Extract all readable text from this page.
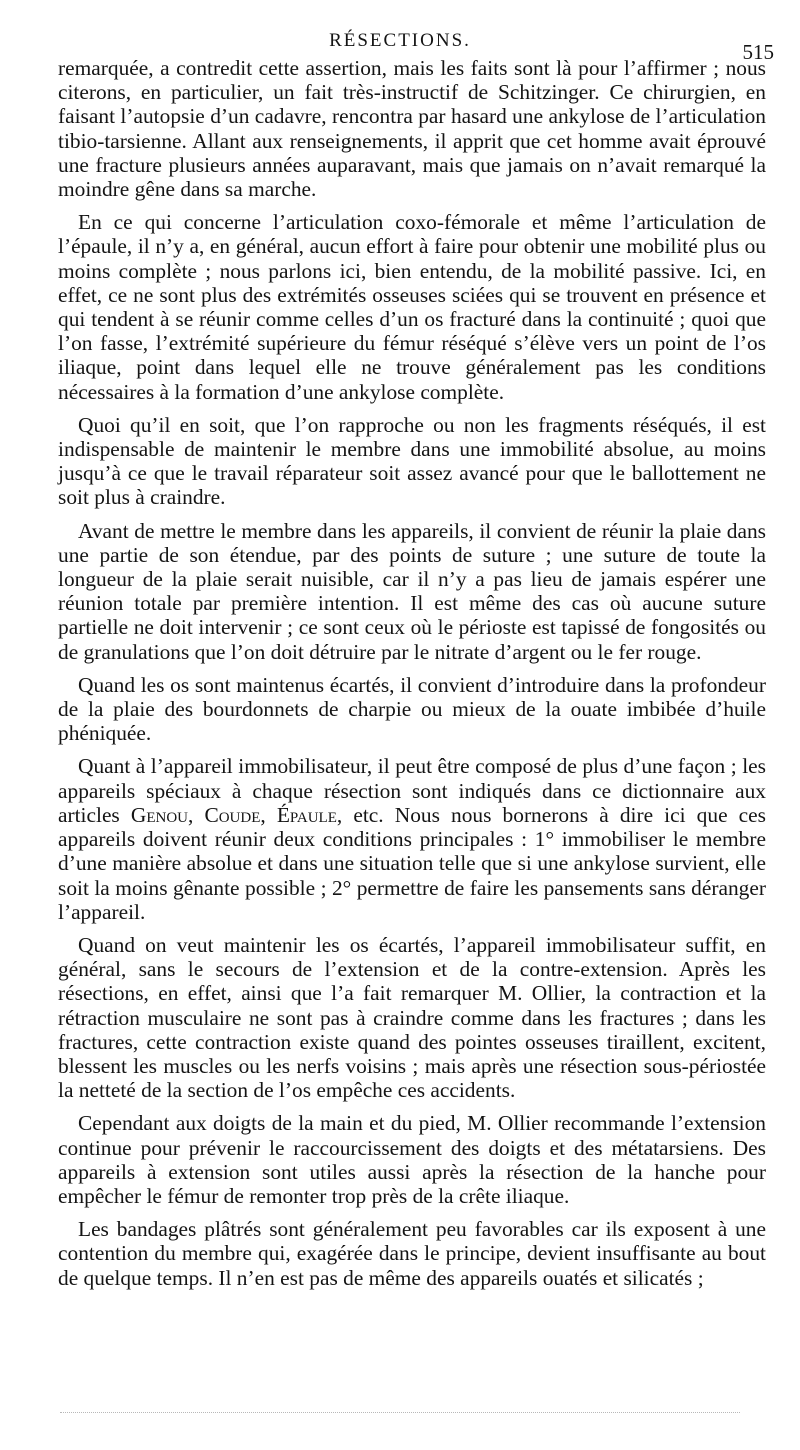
RÉSECTIONS.	515

remarquée, a contredit cette assertion, mais les faits sont là pour l’affirmer ; nous citerons, en particulier, un fait très-instructif de Schitzinger. Ce chirurgien, en faisant l’autopsie d’un cadavre, rencontra par hasard une ankylose de l’articulation tibio-tarsienne. Allant aux renseignements, il apprit que cet homme avait éprouvé une fracture plusieurs années auparavant, mais que jamais on n’avait remarqué la moindre gêne dans sa marche.

En ce qui concerne l’articulation coxo-fémorale et même l’articulation de l’épaule, il n’y a, en général, aucun effort à faire pour obtenir une mobilité plus ou moins complète ; nous parlons ici, bien entendu, de la mobilité passive. Ici, en effet, ce ne sont plus des extrémités osseuses sciées qui se trouvent en présence et qui tendent à se réunir comme celles d’un os fracturé dans la continuité ; quoi que l’on fasse, l’extrémité supérieure du fémur réséqué s’élève vers un point de l’os iliaque, point dans lequel elle ne trouve généralement pas les conditions nécessaires à la formation d’une ankylose complète.

Quoi qu’il en soit, que l’on rapproche ou non les fragments réséqués, il est indispensable de maintenir le membre dans une immobilité absolue, au moins jusqu’à ce que le travail réparateur soit assez avancé pour que le ballottement ne soit plus à craindre.

Avant de mettre le membre dans les appareils, il convient de réunir la plaie dans une partie de son étendue, par des points de suture ; une suture de toute la longueur de la plaie serait nuisible, car il n’y a pas lieu de jamais espérer une réunion totale par première intention. Il est même des cas où aucune suture partielle ne doit intervenir ; ce sont ceux où le périoste est tapissé de fongosités ou de granulations que l’on doit détruire par le nitrate d’argent ou le fer rouge.

Quand les os sont maintenus écartés, il convient d’introduire dans la profondeur de la plaie des bourdonnets de charpie ou mieux de la ouate imbibée d’huile phéniquée.

Quant à l’appareil immobilisateur, il peut être composé de plus d’une façon ; les appareils spéciaux à chaque résection sont indiqués dans ce dictionnaire aux articles Genou, Coude, Épaule, etc. Nous nous bornerons à dire ici que ces appareils doivent réunir deux conditions principales : 1° immobiliser le membre d’une manière absolue et dans une situation telle que si une ankylose survient, elle soit la moins gênante possible ; 2° permettre de faire les pansements sans déranger l’appareil.

Quand on veut maintenir les os écartés, l’appareil immobilisateur suffit, en général, sans le secours de l’extension et de la contre-extension. Après les résections, en effet, ainsi que l’a fait remarquer M. Ollier, la contraction et la rétraction musculaire ne sont pas à craindre comme dans les fractures ; dans les fractures, cette contraction existe quand des pointes osseuses tiraillent, excitent, blessent les muscles ou les nerfs voisins ; mais après une résection sous-périostée la netteté de la section de l’os empêche ces accidents.

Cependant aux doigts de la main et du pied, M. Ollier recommande l’extension continue pour prévenir le raccourcissement des doigts et des métatarsiens. Des appareils à extension sont utiles aussi après la résection de la hanche pour empêcher le fémur de remonter trop près de la crête iliaque.

Les bandages plâtrés sont généralement peu favorables car ils exposent à une contention du membre qui, exagérée dans le principe, devient insuffisante au bout de quelque temps. Il n’en est pas de même des appareils ouatés et silicatés ;
